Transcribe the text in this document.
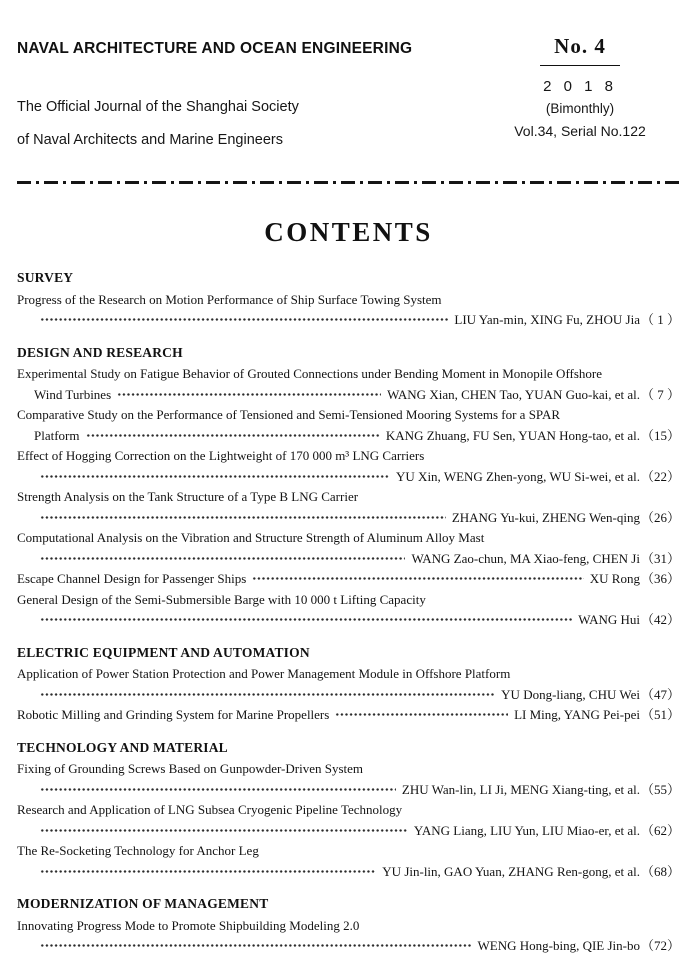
NAVAL ARCHITECTURE AND OCEAN ENGINEERING
The Official Journal of the Shanghai Society
of Naval Architects and Marine Engineers
No. 4
2 0 1 8
(Bimonthly)
Vol.34, Serial No.122
CONTENTS
SURVEY
Progress of the Research on Motion Performance of Ship Surface Towing System
LIU Yan-min, XING Fu, ZHOU Jia （ 1 ）
DESIGN AND RESEARCH
Experimental Study on Fatigue Behavior of Grouted Connections under Bending Moment in Monopile Offshore
Wind Turbines	WANG Xian, CHEN Tao, YUAN Guo-kai, et al. （ 7 ）
Comparative Study on the Performance of Tensioned and Semi-Tensioned Mooring Systems for a SPAR
Platform	KANG Zhuang, FU Sen, YUAN Hong-tao, et al. （15）
Effect of Hogging Correction on the Lightweight of 170 000 m³ LNG Carriers
YU Xin, WENG Zhen-yong, WU Si-wei, et al. （22）
Strength Analysis on the Tank Structure of a Type B LNG Carrier
ZHANG Yu-kui, ZHENG Wen-qing （26）
Computational Analysis on the Vibration and Structure Strength of Aluminum Alloy Mast
WANG Zao-chun, MA Xiao-feng, CHEN Ji （31）
Escape Channel Design for Passenger Ships	XU Rong （36）
General Design of the Semi-Submersible Barge with 10 000 t Lifting Capacity
WANG Hui （42）
ELECTRIC EQUIPMENT AND AUTOMATION
Application of Power Station Protection and Power Management Module in Offshore Platform
YU Dong-liang, CHU Wei （47）
Robotic Milling and Grinding System for Marine Propellers	LI Ming, YANG Pei-pei （51）
TECHNOLOGY AND MATERIAL
Fixing of Grounding Screws Based on Gunpowder-Driven System
ZHU Wan-lin, LI Ji, MENG Xiang-ting, et al. （55）
Research and Application of LNG Subsea Cryogenic Pipeline Technology
YANG Liang, LIU Yun, LIU Miao-er, et al. （62）
The Re-Socketing Technology for Anchor Leg
YU Jin-lin, GAO Yuan, ZHANG Ren-gong, et al. （68）
MODERNIZATION OF MANAGEMENT
Innovating Progress Mode to Promote Shipbuilding Modeling 2.0
WENG Hong-bing, QIE Jin-bo （72）
